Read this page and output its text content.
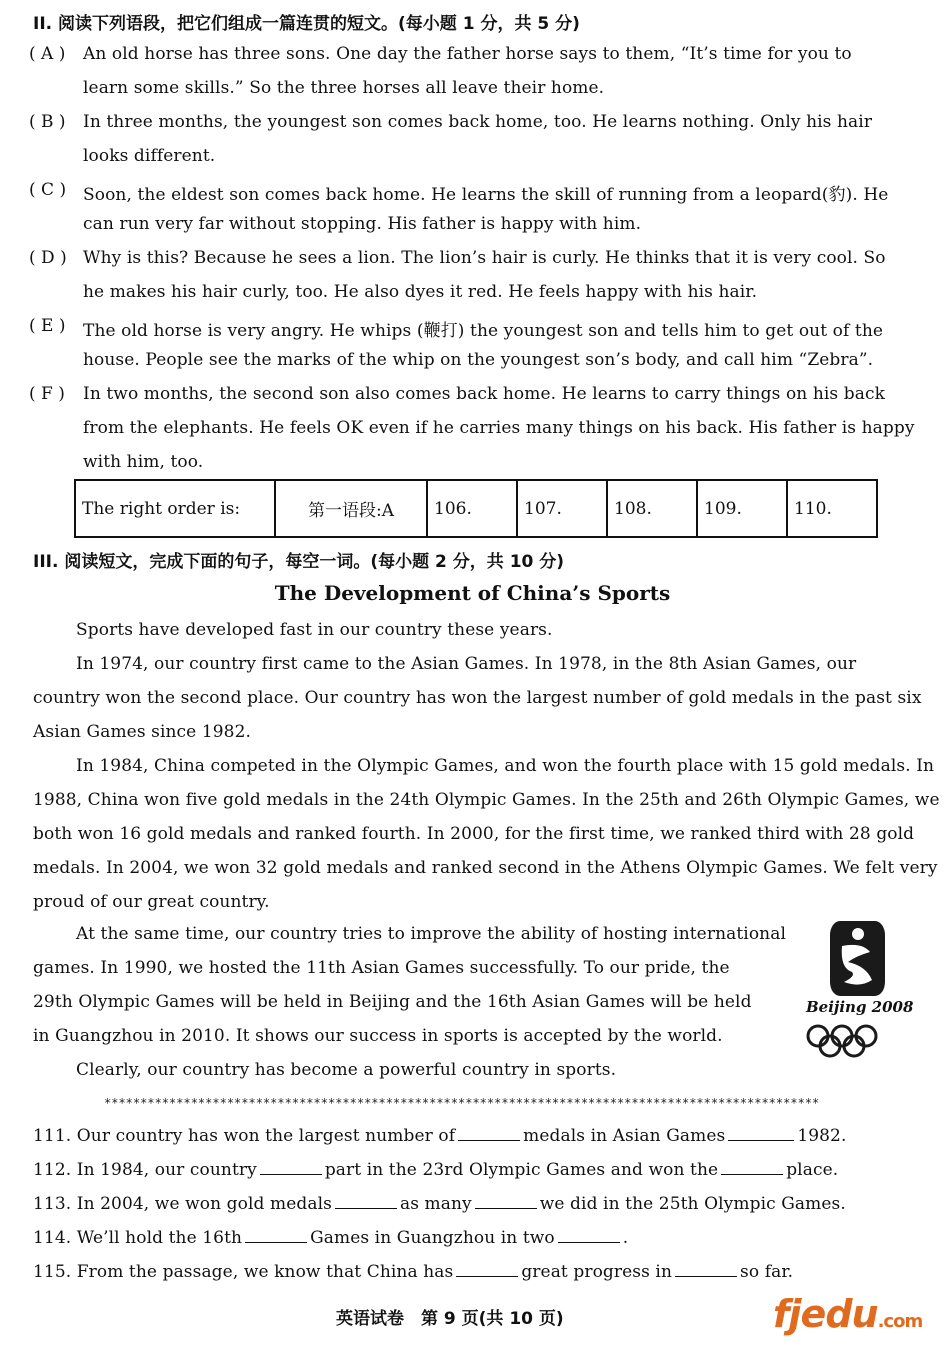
II. 阅读下列语段，把它们组成一篇连贯的短文。(每小题 1 分，共 5 分)
( A ) An old horse has three sons. One day the father horse says to them, “It’s time for you to
learn some skills.” So the three horses all leave their home.
( B ) In three months, the youngest son comes back home, too. He learns nothing. Only his hair
looks different.
( C ) Soon, the eldest son comes back home. He learns the skill of running from a leopard(豹). He
can run very far without stopping. His father is happy with him.
( D ) Why is this? Because he sees a lion. The lion’s hair is curly. He thinks that it is very cool. So
he makes his hair curly, too. He also dyes it red. He feels happy with his hair.
( E ) The old horse is very angry. He whips (鞭打) the youngest son and tells him to get out of the
house. People see the marks of the whip on the youngest son’s body, and call him “Zebra”.
( F ) In two months, the second son also comes back home. He learns to carry things on his back
from the elephants. He feels OK even if he carries many things on his back. His father is happy
with him, too.
The right order is:	第一语段:A	106.	107.	108.	109.	110.
III. 阅读短文，完成下面的句子，每空一词。(每小题 2 分，共 10 分)
The Development of China’s Sports
Sports have developed fast in our country these years.
In 1974, our country first came to the Asian Games. In 1978, in the 8th Asian Games, our
country won the second place. Our country has won the largest number of gold medals in the past six
Asian Games since 1982.
In 1984, China competed in the Olympic Games, and won the fourth place with 15 gold medals. In
1988, China won five gold medals in the 24th Olympic Games. In the 25th and 26th Olympic Games, we
both won 16 gold medals and ranked fourth. In 2000, for the first time, we ranked third with 28 gold
medals. In 2004, we won 32 gold medals and ranked second in the Athens Olympic Games. We felt very
proud of our great country.
At the same time, our country tries to improve the ability of hosting international
games. In 1990, we hosted the 11th Asian Games successfully. To our pride, the
29th Olympic Games will be held in Beijing and the 16th Asian Games will be held
in Guangzhou in 2010. It shows our success in sports is accepted by the world.
Clearly, our country has become a powerful country in sports.
Beijing 2008
***************************************************************************************************
111. Our country has won the largest number of	medals in Asian Games	1982.
112. In 1984, our country	part in the 23rd Olympic Games and won the	place.
113. In 2004, we won gold medals	as many	we did in the 25th Olympic Games.
114. We’ll hold the 16th	Games in Guangzhou in two	.
115. From the passage, we know that China has	great progress in	so far.
英语试卷　第 9 页(共 10 页)	fjedu.com
